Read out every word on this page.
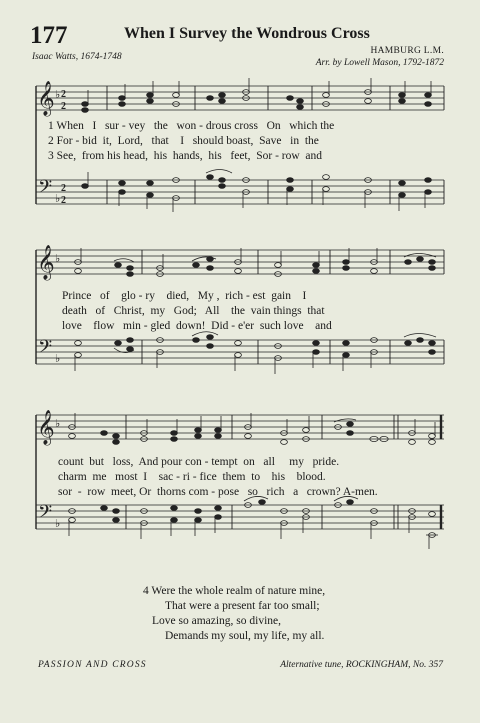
177	When I Survey the Wondrous Cross
Isaac Watts, 1674-1748
HAMBURG L.M.
Arr. by Lowell Mason, 1792-1872
𝄞
𝄢
♭
♭
2
2
2
2
1 When   I   sur - vey   the   won - drous cross   On   which the
2 For - bid  it,  Lord,   that    I   should boast,  Save   in  the
3 See,  from his head,  his  hands,  his   feet,  Sor - row  and
𝄞
𝄢
♭
♭
Prince   of    glo - ry    died,   My ,  rich - est  gain    I
death   of   Christ,  my   God;   All    the  vain things  that
love    flow   min - gled  down!  Did - e'er  such love    and
𝄞
𝄢
♭
♭
count  but   loss,  And pour con - tempt  on   all     my   pride.
charm  me   most  I    sac - ri - fice  them  to    his    blood.
sor  -  row  meet, Or  thorns com - pose   so   rich   a   crown? A-men.
4 Were the whole realm of nature mine,
That were a present far too small;
Love so amazing, so divine,
Demands my soul, my life, my all.
PASSION AND CROSS	Alternative tune, ROCKINGHAM, No. 357
